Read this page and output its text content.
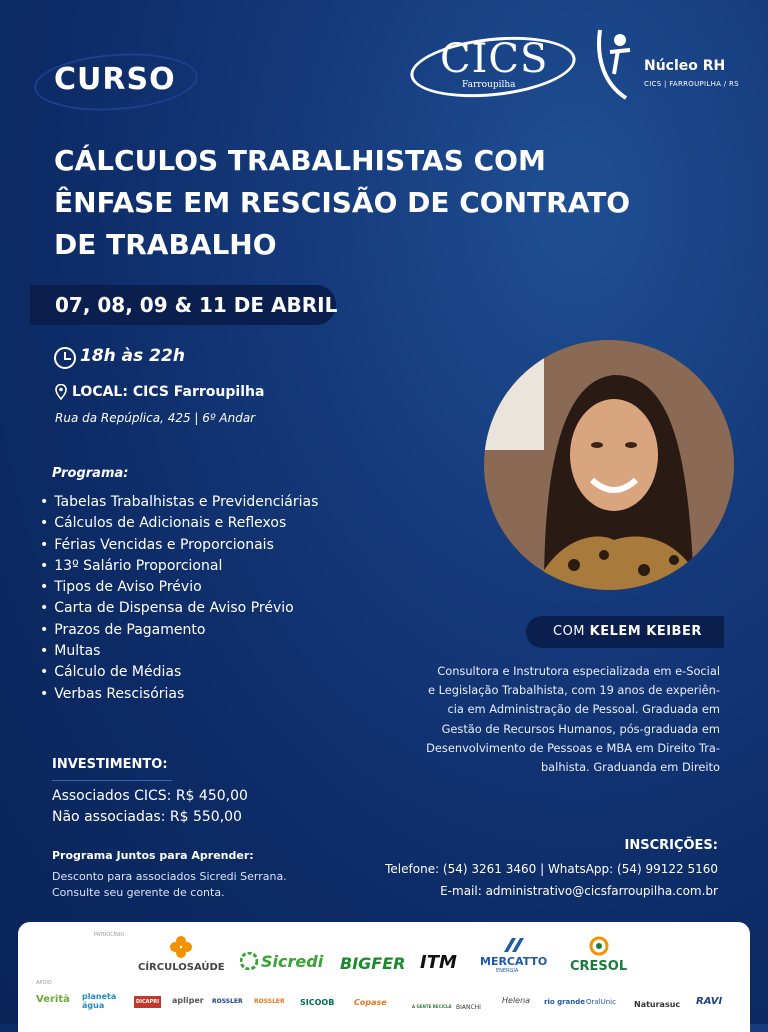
CURSO	CICS
Farroupilha
Núcleo RH
CICS | FARROUPILHA / RS
CÁLCULOS TRABALHISTAS COM
ÊNFASE EM RESCISÃO DE CONTRATO
DE TRABALHO
07, 08, 09 & 11 DE ABRIL
18h às 22h
LOCAL: CICS Farroupilha
Rua da Repúplica, 425 | 6º Andar
Programa:
• Tabelas Trabalhistas e Previdenciárias
• Cálculos de Adicionais e Reflexos
• Férias Vencidas e Proporcionais
• 13º Salário Proporcional
• Tipos de Aviso Prévio
• Carta de Dispensa de Aviso Prévio
• Prazos de Pagamento
• Multas
• Cálculo de Médias
• Verbas Rescisórias
INVESTIMENTO:
Associados CICS: R$ 450,00
Não associadas: R$ 550,00
Programa Juntos para Aprender:
Desconto para associados Sicredi Serrana.
Consulte seu gerente de conta.
COM KELEM KEIBER
Consultora e Instrutora especializada em e-Social
e Legislação Trabalhista, com 19 anos de experiên-
cia em Administração de Pessoal. Graduada em
Gestão de Recursos Humanos, pós-graduada em
Desenvolvimento de Pessoas e MBA em Direito Tra-
balhista. Graduanda em Direito
INSCRIÇÕES:
Telefone: (54) 3261 3460 | WhatsApp: (54) 99122 5160
E-mail: administrativo@cicsfarroupilha.com.br
PATROCÍNIO
CÍRCULOSAÚDE Sicredi BIGFER ITM MERCATTO
ENERGIA	CRESOL
APOIO
Verità planeta água	DICAPRI apliper ROSSLER ROSSLER SICOOB Copase	A GENTE RECICLA BIANCHI
Helena rio grande OralUnic Naturasuc RAVI
